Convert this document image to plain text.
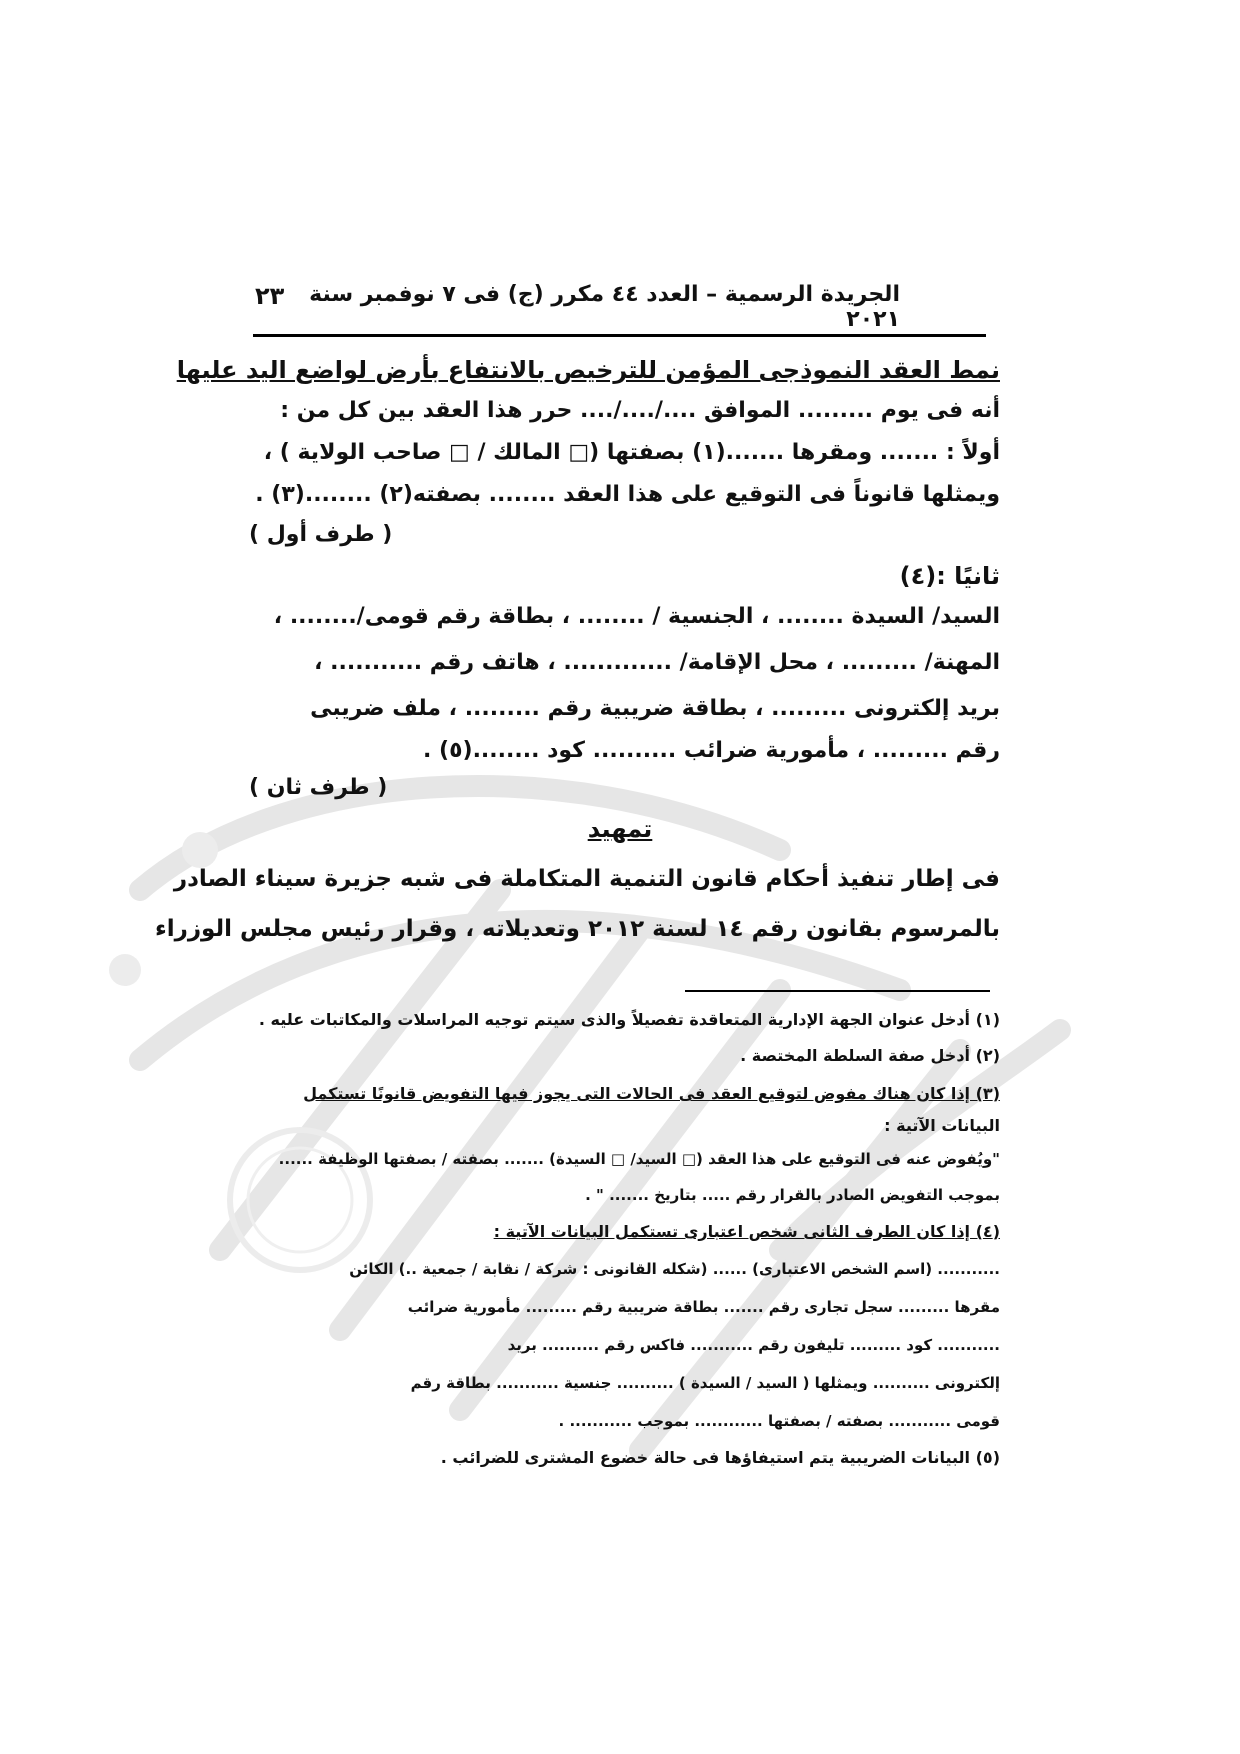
الجريدة الرسمية – العدد ٤٤ مكرر (ج) فى ٧ نوفمبر سنة ٢٠٢١
٢٣
نمط العقد النموذجى المؤمن للترخيص بالانتفاع بأرض لواضع اليد عليها
أنه فى يوم ......... الموافق ..../..../.... حرر هذا العقد بين كل من :
أولاً : ....... ومقرها .......(١) بصفتها (□ المالك / □ صاحب الولاية ) ،
ويمثلها قانوناً فى التوقيع على هذا العقد ........ بصفته(٢) ........(٣) .
( طرف أول )
ثانيًا :(٤)
السيد/ السيدة ........ ، الجنسية / ........ ، بطاقة رقم قومى/........ ،
المهنة/ ......... ، محل الإقامة/ ............. ، هاتف رقم ........... ،
بريد إلكترونى ......... ، بطاقة ضريبية رقم ......... ، ملف ضريبى
رقم ......... ، مأمورية ضرائب .......... كود ........(٥) .
( طرف ثان )
تمهيد
فى إطار تنفيذ أحكام قانون التنمية المتكاملة فى شبه جزيرة سيناء الصادر
بالمرسوم بقانون رقم ١٤ لسنة ٢٠١٢ وتعديلاته ، وقرار رئيس مجلس الوزراء
(١) أدخل عنوان الجهة الإدارية المتعاقدة تفصيلاً والذى سيتم توجيه المراسلات والمكاتبات عليه .
(٢) أدخل صفة السلطة المختصة .
(٣) إذا كان هناك مفوض لتوقيع العقد فى الحالات التى يجوز فيها التفويض قانونًا تستكمل
البيانات الآتية :
"ويُفوض عنه فى التوقيع على هذا العقد (□ السيد/ □ السيدة) ....... بصفته / بصفتها الوظيفة ......
بموجب التفويض الصادر بالقرار رقم ..... بتاريخ ....... " .
(٤) إذا كان الطرف الثانى شخص اعتبارى تستكمل البيانات الآتية :
........... (اسم الشخص الاعتبارى) ...... (شكله القانونى : شركة / نقابة / جمعية ..) الكائن
مقرها ......... سجل تجارى رقم ....... بطاقة ضريبية رقم ......... مأمورية ضرائب
........... كود ......... تليفون رقم ........... فاكس رقم .......... بريد
إلكترونى .......... ويمثلها ( السيد / السيدة ) .......... جنسية ........... بطاقة رقم
قومى ........... بصفته / بصفتها ............ بموجب ........... .
(٥) البيانات الضريبية يتم استيفاؤها فى حالة خضوع المشترى للضرائب .
